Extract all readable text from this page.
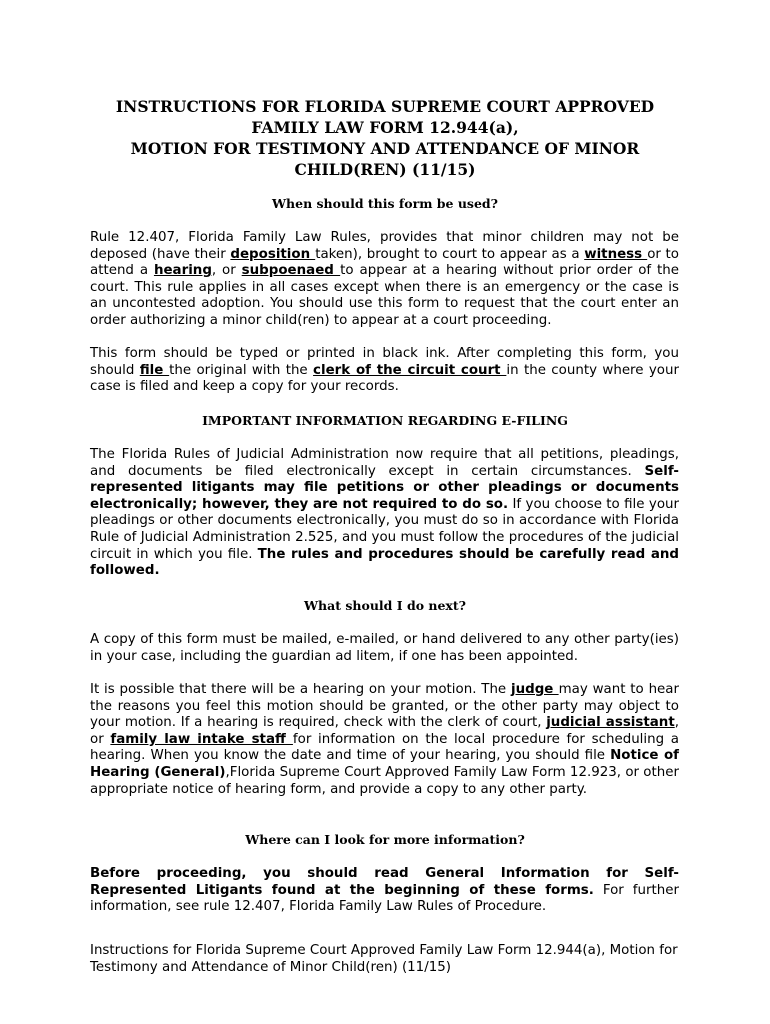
INSTRUCTIONS FOR FLORIDA SUPREME COURT APPROVED
FAMILY LAW FORM 12.944(a),
MOTION FOR TESTIMONY AND ATTENDANCE OF MINOR
CHILD(REN) (11/15)
When should this form be used?
Rule 12.407, Florida Family Law Rules, provides that minor children may not be deposed (have their deposition taken), brought to court to appear as a witness or to attend a hearing, or subpoenaed to appear at a hearing without prior order of the court. This rule applies in all cases except when there is an emergency or the case is an uncontested adoption. You should use this form to request that the court enter an order authorizing a minor child(ren) to appear at a court proceeding.
This form should be typed or printed in black ink. After completing this form, you should file the original with the clerk of the circuit court in the county where your case is filed and keep a copy for your records.
IMPORTANT INFORMATION REGARDING E-FILING
The Florida Rules of Judicial Administration now require that all petitions, pleadings, and documents be filed electronically except in certain circumstances. Self-represented litigants may file petitions or other pleadings or documents electronically; however, they are not required to do so. If you choose to file your pleadings or other documents electronically, you must do so in accordance with Florida Rule of Judicial Administration 2.525, and you must follow the procedures of the judicial circuit in which you file. The rules and procedures should be carefully read and followed.
What should I do next?
A copy of this form must be mailed, e-mailed, or hand delivered to any other party(ies) in your case, including the guardian ad litem, if one has been appointed.
It is possible that there will be a hearing on your motion. The judge may want to hear the reasons you feel this motion should be granted, or the other party may object to your motion. If a hearing is required, check with the clerk of court, judicial assistant, or family law intake staff for information on the local procedure for scheduling a hearing. When you know the date and time of your hearing, you should file Notice of Hearing (General),Florida Supreme Court Approved Family Law Form 12.923, or other appropriate notice of hearing form, and provide a copy to any other party.
Where can I look for more information?
Before proceeding, you should read General Information for Self-Represented Litigants found at the beginning of these forms. For further information, see rule 12.407, Florida Family Law Rules of Procedure.
Instructions for Florida Supreme Court Approved Family Law Form 12.944(a), Motion for Testimony and Attendance of Minor Child(ren) (11/15)
